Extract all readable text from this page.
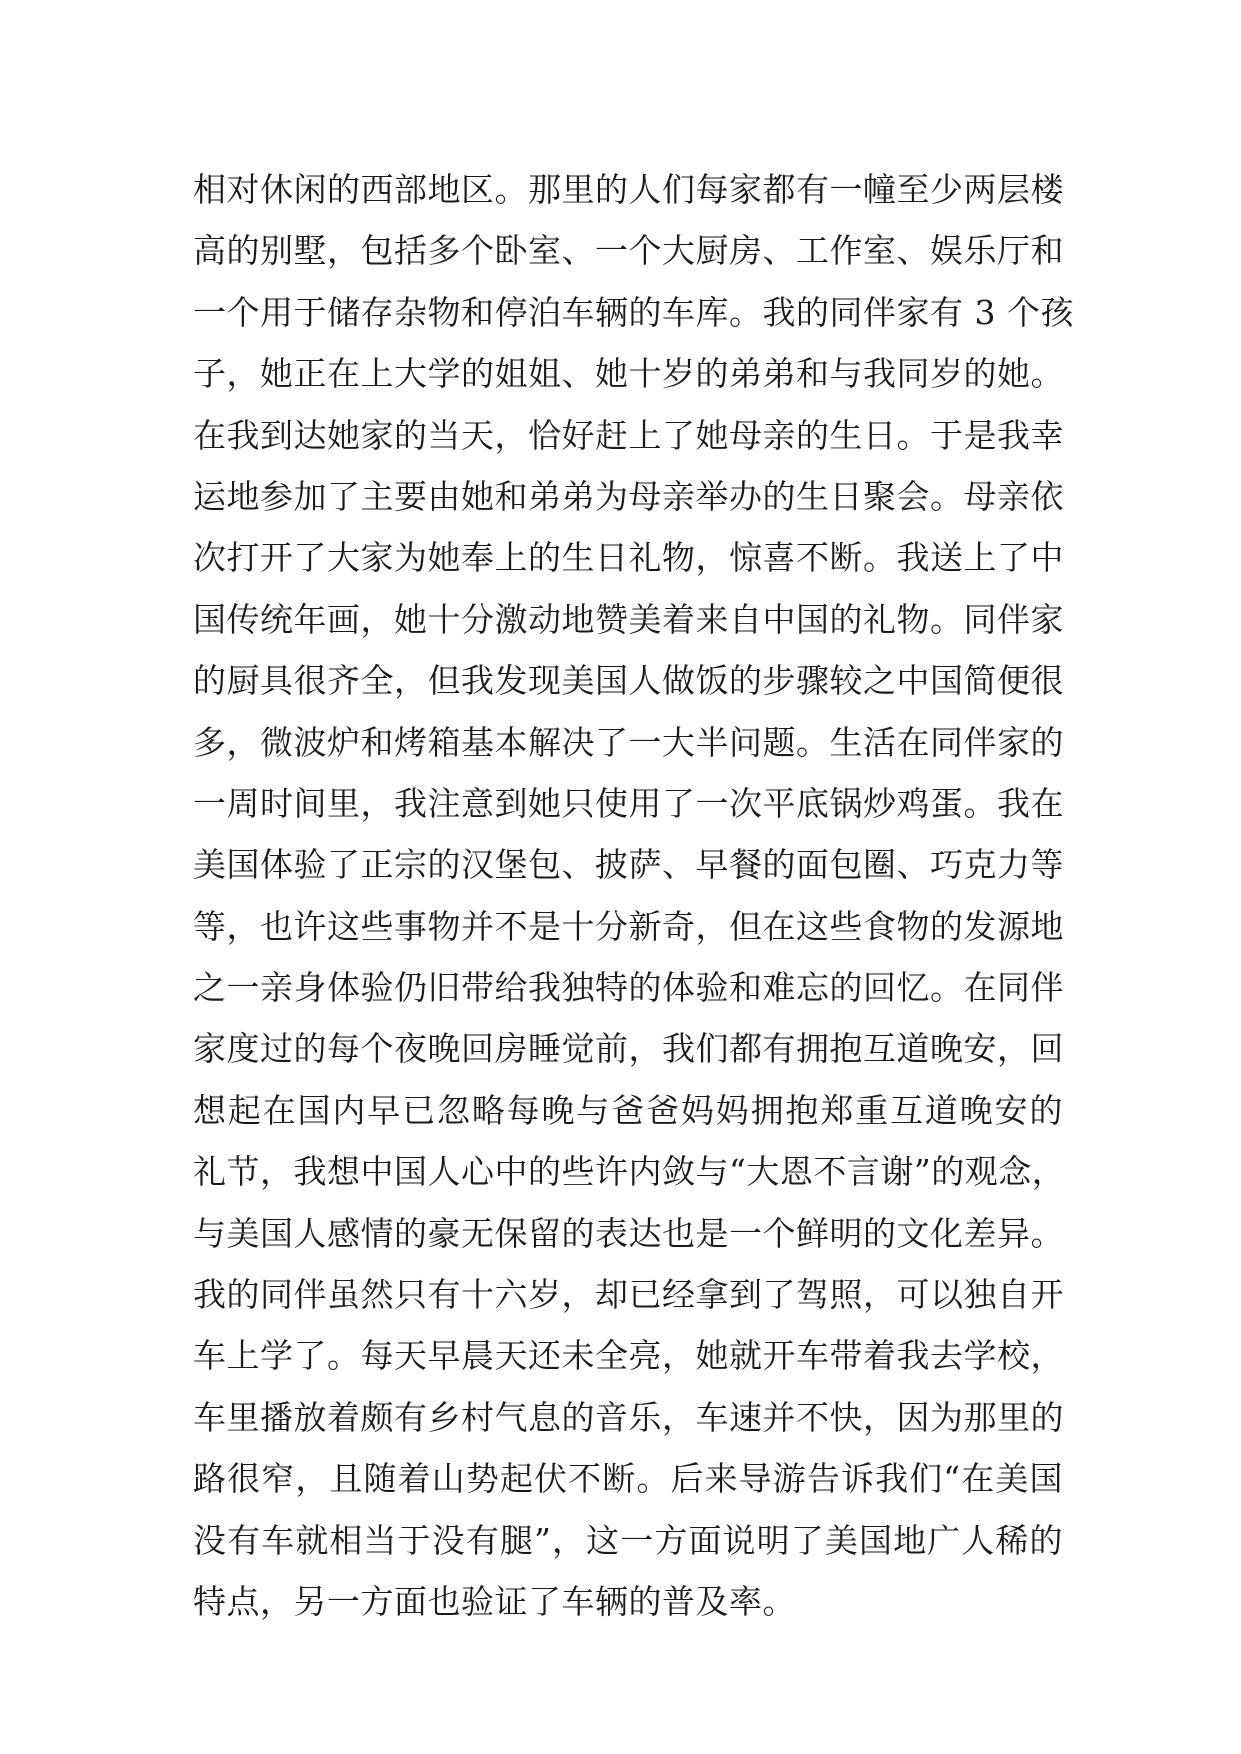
相对休闲的西部地区。那里的人们每家都有一幢至少两层楼
高的别墅，包括多个卧室、一个大厨房、工作室、娱乐厅和
一个用于储存杂物和停泊车辆的车库。我的同伴家有 3 个孩
子，她正在上大学的姐姐、她十岁的弟弟和与我同岁的她。
在我到达她家的当天，恰好赶上了她母亲的生日。于是我幸
运地参加了主要由她和弟弟为母亲举办的生日聚会。母亲依
次打开了大家为她奉上的生日礼物，惊喜不断。我送上了中
国传统年画，她十分激动地赞美着来自中国的礼物。同伴家
的厨具很齐全，但我发现美国人做饭的步骤较之中国简便很
多，微波炉和烤箱基本解决了一大半问题。生活在同伴家的
一周时间里，我注意到她只使用了一次平底锅炒鸡蛋。我在
美国体验了正宗的汉堡包、披萨、早餐的面包圈、巧克力等
等，也许这些事物并不是十分新奇，但在这些食物的发源地
之一亲身体验仍旧带给我独特的体验和难忘的回忆。在同伴
家度过的每个夜晚回房睡觉前，我们都有拥抱互道晚安，回
想起在国内早已忽略每晚与爸爸妈妈拥抱郑重互道晚安的
礼节，我想中国人心中的些许内敛与“大恩不言谢”的观念，
与美国人感情的豪无保留的表达也是一个鲜明的文化差异。
我的同伴虽然只有十六岁，却已经拿到了驾照，可以独自开
车上学了。每天早晨天还未全亮，她就开车带着我去学校，
车里播放着颇有乡村气息的音乐，车速并不快，因为那里的
路很窄，且随着山势起伏不断。后来导游告诉我们“在美国
没有车就相当于没有腿”，这一方面说明了美国地广人稀的
特点，另一方面也验证了车辆的普及率。
